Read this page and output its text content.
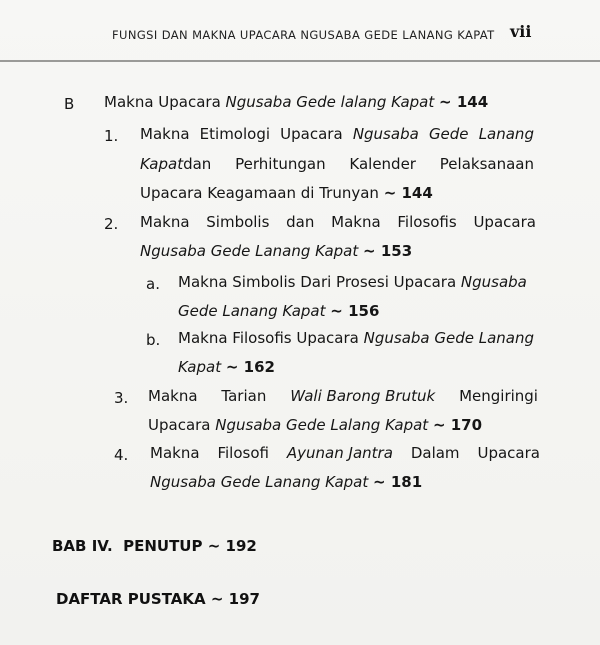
FUNGSI DAN MAKNA UPACARA NGUSABA GEDE LANANG KAPAT vii
B Makna Upacara Ngusaba Gede lalang Kapat ~ 144
1. Makna Etimologi Upacara Ngusaba Gede Lanang
Kapatdan Perhitungan Kalender Pelaksanaan
Upacara Keagamaan di Trunyan ~ 144
2. Makna Simbolis dan Makna Filosofis Upacara
Ngusaba Gede Lanang Kapat ~ 153
a. Makna Simbolis Dari Prosesi Upacara Ngusaba
Gede Lanang Kapat ~ 156
b. Makna Filosofis Upacara Ngusaba Gede Lanang
Kapat ~ 162
3. Makna Tarian Wali Barong Brutuk Mengiringi
Upacara Ngusaba Gede Lalang Kapat ~ 170
4. Makna Filosofi Ayunan Jantra Dalam Upacara
Ngusaba Gede Lanang Kapat ~ 181
BAB IV.  PENUTUP ~ 192
DAFTAR PUSTAKA ~ 197
